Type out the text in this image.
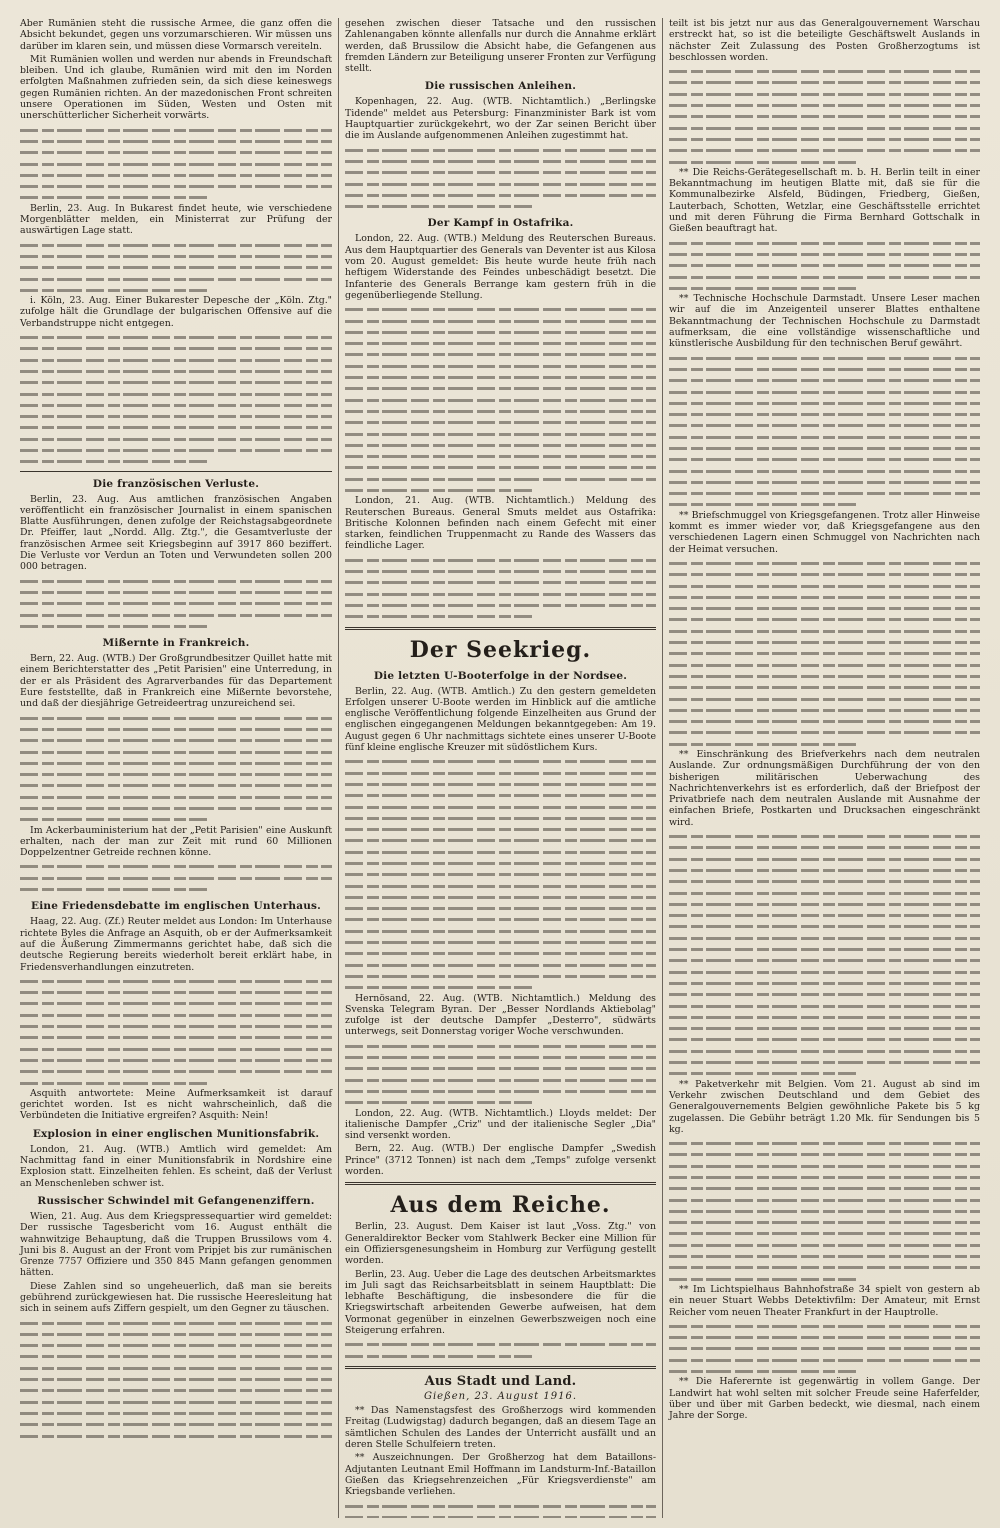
Aber Rumänien steht die russische Armee, die ganz offen die Absicht bekundet, gegen uns vorzumarschieren. Wir müssen uns darüber im klaren sein, und müssen diese Vormarsch vereiteln.

Mit Rumänien wollen und werden nur abends in Freundschaft bleiben. Und ich glaube, Rumänien wird mit den im Norden erfolgten Maßnahmen zufrieden sein, da sich diese keineswegs gegen Rumänien richten. An der mazedonischen Front schreiten unsere Operationen im Süden, Westen und Osten mit unerschütterlicher Sicherheit vorwärts.

Berlin, 23. Aug. In Bukarest findet heute, wie verschiedene Morgenblätter melden, ein Ministerrat zur Prüfung der auswärtigen Lage statt.

i. Köln, 23. Aug. Einer Bukarester Depesche der „Köln. Ztg." zufolge hält die Grundlage der bulgarischen Offensive auf die Verbandstruppe nicht entgegen.

Die französischen Verluste.

Berlin, 23. Aug. Aus amtlichen französischen Angaben veröffentlicht ein französischer Journalist in einem spanischen Blatte Ausführungen, denen zufolge der Reichstagsabgeordnete Dr. Pfeiffer, laut „Nordd. Allg. Ztg.", die Gesamtverluste der französischen Armee seit Kriegsbeginn auf 3917 860 beziffert. Die Verluste vor Verdun an Toten und Verwundeten sollen 200 000 betragen.

Mißernte in Frankreich.

Bern, 22. Aug. (WTB.) Der Großgrundbesitzer Quillet hatte mit einem Berichterstatter des „Petit Parisien" eine Unterredung, in der er als Präsident des Agrarverbandes für das Departement Eure feststellte, daß in Frankreich eine Mißernte bevorstehe, und daß der diesjährige Getreideertrag unzureichend sei.

Im Ackerbauministerium hat der „Petit Parisien" eine Auskunft erhalten, nach der man zur Zeit mit rund 60 Millionen Doppelzentner Getreide rechnen könne.

Eine Friedensdebatte im englischen Unterhaus.

Haag, 22. Aug. (Zf.) Reuter meldet aus London: Im Unterhause richtete Byles die Anfrage an Asquith, ob er der Aufmerksamkeit auf die Äußerung Zimmermanns gerichtet habe, daß sich die deutsche Regierung bereits wiederholt bereit erklärt habe, in Friedensverhandlungen einzutreten.

Asquith antwortete: Meine Aufmerksamkeit ist darauf gerichtet worden. Ist es nicht wahrscheinlich, daß die Verbündeten die Initiative ergreifen? Asquith: Nein!

Explosion in einer englischen Munitionsfabrik.

London, 21. Aug. (WTB.) Amtlich wird gemeldet: Am Nachmittag fand in einer Munitionsfabrik in Nordshire eine Explosion statt. Einzelheiten fehlen. Es scheint, daß der Verlust an Menschenleben schwer ist.

Russischer Schwindel mit Gefangenenziffern.

Wien, 21. Aug. Aus dem Kriegspressequartier wird gemeldet: Der russische Tagesbericht vom 16. August enthält die wahnwitzige Behauptung, daß die Truppen Brussilows vom 4. Juni bis 8. August an der Front vom Pripjet bis zur rumänischen Grenze 7757 Offiziere und 350 845 Mann gefangen genommen hätten.

Diese Zahlen sind so ungeheuerlich, daß man sie bereits gebührend zurückgewiesen hat. Die russische Heeresleitung hat sich in seinem aufs Ziffern gespielt, um den Gegner zu täuschen.

gesehen zwischen dieser Tatsache und den russischen Zahlenangaben könnte allenfalls nur durch die Annahme erklärt werden, daß Brussilow die Absicht habe, die Gefangenen aus fremden Ländern zur Beteiligung unserer Fronten zur Verfügung stellt.

Die russischen Anleihen.

Kopenhagen, 22. Aug. (WTB. Nichtamtlich.) „Berlingske Tidende" meldet aus Petersburg: Finanzminister Bark ist vom Hauptquartier zurückgekehrt, wo der Zar seinen Bericht über die im Auslande aufgenommenen Anleihen zugestimmt hat.

Der Kampf in Ostafrika.

London, 22. Aug. (WTB.) Meldung des Reuterschen Bureaus. Aus dem Hauptquartier des Generals van Deventer ist aus Kilosa vom 20. August gemeldet: Bis heute wurde heute früh nach heftigem Widerstande des Feindes unbeschädigt besetzt. Die Infanterie des Generals Berrange kam gestern früh in die gegenüberliegende Stellung.

London, 21. Aug. (WTB. Nichtamtlich.) Meldung des Reuterschen Bureaus. General Smuts meldet aus Ostafrika: Britische Kolonnen befinden nach einem Gefecht mit einer starken, feindlichen Truppenmacht zu Rande des Wassers das feindliche Lager.

Der Seekrieg.
Die letzten U-Booterfolge in der Nordsee.

Berlin, 22. Aug. (WTB. Amtlich.) Zu den gestern gemeldeten Erfolgen unserer U-Boote werden im Hinblick auf die amtliche englische Veröffentlichung folgende Einzelheiten aus Grund der englischen eingegangenen Meldungen bekanntgegeben: Am 19. August gegen 6 Uhr nachmittags sichtete eines unserer U-Boote fünf kleine englische Kreuzer mit südöstlichem Kurs.

Hernösand, 22. Aug. (WTB. Nichtamtlich.) Meldung des Svenska Telegram Byran. Der „Besser Nordlands Aktiebolag" zufolge ist der deutsche Dampfer „Desterro", südwärts unterwegs, seit Donnerstag voriger Woche verschwunden.

London, 22. Aug. (WTB. Nichtamtlich.) Lloyds meldet: Der italienische Dampfer „Criz" und der italienische Segler „Dia" sind versenkt worden.

Bern, 22. Aug. (WTB.) Der englische Dampfer „Swedish Prince" (3712 Tonnen) ist nach dem „Temps" zufolge versenkt worden.

Aus dem Reiche.

Berlin, 23. August. Dem Kaiser ist laut „Voss. Ztg." von Generaldirektor Becker vom Stahlwerk Becker eine Million für ein Offiziersgenesungsheim in Homburg zur Verfügung gestellt worden.

Berlin, 23. Aug. Ueber die Lage des deutschen Arbeitsmarktes im Juli sagt das Reichsarbeitsblatt in seinem Hauptblatt: Die lebhafte Beschäftigung, die insbesondere die für die Kriegswirtschaft arbeitenden Gewerbe aufweisen, hat dem Vormonat gegenüber in einzelnen Gewerbszweigen noch eine Steigerung erfahren.

Aus Stadt und Land.
Gießen, 23. August 1916.

** Das Namenstagsfest des Großherzogs wird kommenden Freitag (Ludwigstag) dadurch begangen, daß an diesem Tage an sämtlichen Schulen des Landes der Unterricht ausfällt und an deren Stelle Schulfeiern treten.

** Auszeichnungen. Der Großherzog hat dem Bataillons-Adjutanten Leutnant Emil Hoffmann im Landsturm-Inf.-Bataillon Gießen das Kriegsehrenzeichen „Für Kriegsverdienste" am Kriegsbande verliehen.

teilt ist bis jetzt nur aus das Generalgouvernement Warschau erstreckt hat, so ist die beteiligte Geschäftswelt Auslands in nächster Zeit Zulassung des Posten Großherzogtums ist beschlossen worden.

** Die Reichs-Gerätegesellschaft m. b. H. Berlin teilt in einer Bekanntmachung im heutigen Blatte mit, daß sie für die Kommunalbezirke Alsfeld, Büdingen, Friedberg, Gießen, Lauterbach, Schotten, Wetzlar, eine Geschäftsstelle errichtet und mit deren Führung die Firma Bernhard Gottschalk in Gießen beauftragt hat.

** Technische Hochschule Darmstadt. Unsere Leser machen wir auf die im Anzeigenteil unserer Blattes enthaltene Bekanntmachung der Technischen Hochschule zu Darmstadt aufmerksam, die eine vollständige wissenschaftliche und künstlerische Ausbildung für den technischen Beruf gewährt.

** Briefschmuggel von Kriegsgefangenen. Trotz aller Hinweise kommt es immer wieder vor, daß Kriegsgefangene aus den verschiedenen Lagern einen Schmuggel von Nachrichten nach der Heimat versuchen.

** Einschränkung des Briefverkehrs nach dem neutralen Auslande. Zur ordnungsmäßigen Durchführung der von den bisherigen militärischen Ueberwachung des Nachrichtenverkehrs ist es erforderlich, daß der Briefpost der Privatbriefe nach dem neutralen Auslande mit Ausnahme der einfachen Briefe, Postkarten und Drucksachen eingeschränkt wird.

** Paketverkehr mit Belgien. Vom 21. August ab sind im Verkehr zwischen Deutschland und dem Gebiet des Generalgouvernements Belgien gewöhnliche Pakete bis 5 kg zugelassen. Die Gebühr beträgt 1.20 Mk. für Sendungen bis 5 kg.

** Im Lichtspielhaus Bahnhofstraße 34 spielt von gestern ab ein neuer Stuart Webbs Detektivfilm: Der Amateur, mit Ernst Reicher vom neuen Theater Frankfurt in der Hauptrolle.

** Die Haferernte ist gegenwärtig in vollem Gange. Der Landwirt hat wohl selten mit solcher Freude seine Haferfelder, über und über mit Garben bedeckt, wie diesmal, nach einem Jahre der Sorge.
